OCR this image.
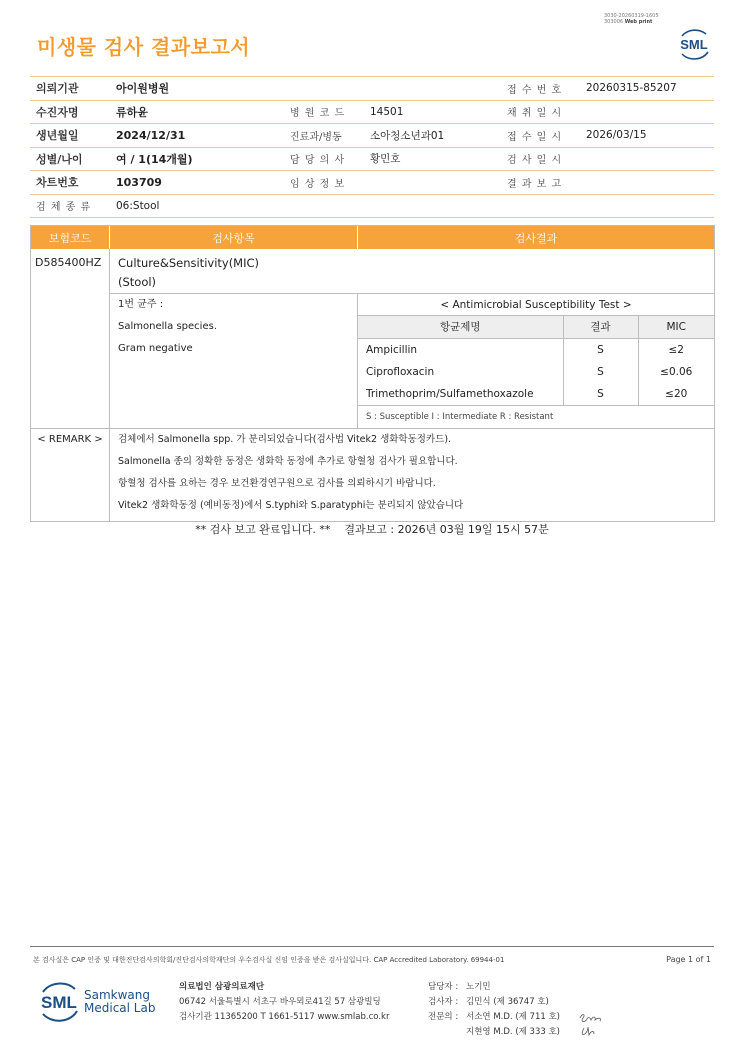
미생물 검사 결과보고서
3030-20260319-1605
303006 Web print
SML
의뢰기관	아이원병원			접 수 번 호	20260315-85207
수진자명	류하윤	병 원 코 드	14501	채 취 일 시	
생년월일	2024/12/31	진료과/병동	소아청소년과01	접 수 일 시	2026/03/15
성별/나이	여 / 1(14개월)	담 당 의 사	황민호	검 사 일 시	
차트번호	103709	임 상 정 보		결 과 보 고	
검 체 종 류	06:Stool				
보험코드	검사항목	검사결과
D585400HZ	Culture&Sensitivity(MIC)
(Stool)
1번 균주 :
Salmonella species.
Gram negative
< Antimicrobial Susceptibility Test >
항균제명	결과	MIC
Ampicillin	S	≤2
Ciprofloxacin	S	≤0.06
Trimethoprim/Sulfamethoxazole	S	≤20
S : Susceptible I : Intermediate R : Resistant
< REMARK >	검체에서 Salmonella spp. 가 분리되었습니다(검사법 Vitek2 생화학동정카드).
Salmonella 종의 정확한 동정은 생화학 동정에 추가로 항혈청 검사가 필요합니다.
항혈청 검사를 요하는 경우 보건환경연구원으로 검사를 의뢰하시기 바랍니다.
Vitek2 생화학동정 (예비동정)에서 S.typhi와 S.paratyphi는 분리되지 않았습니다
** 검사 보고 완료입니다. ** 결과보고 : 2026년 03월 19일 15시 57분
본 검사실은 CAP 인증 및 대한진단검사의학회/진단검사의학재단의 우수검사실 신임 인증을 받은 검사실입니다. CAP Accredited Laboratory. 69944-01	Page 1 of 1
SML Samkwang
Medical Lab
의료법인 삼광의료재단
06742 서울특별시 서초구 바우뫼로41길 57 삼광빌딩
검사기관 11365200 T 1661-5117 www.smlab.co.kr
담당자 : 노기민
검사자 : 김민식 (제 36747 호)
전문의 : 서소연 M.D. (제 711 호)
지현영 M.D. (제 333 호)
